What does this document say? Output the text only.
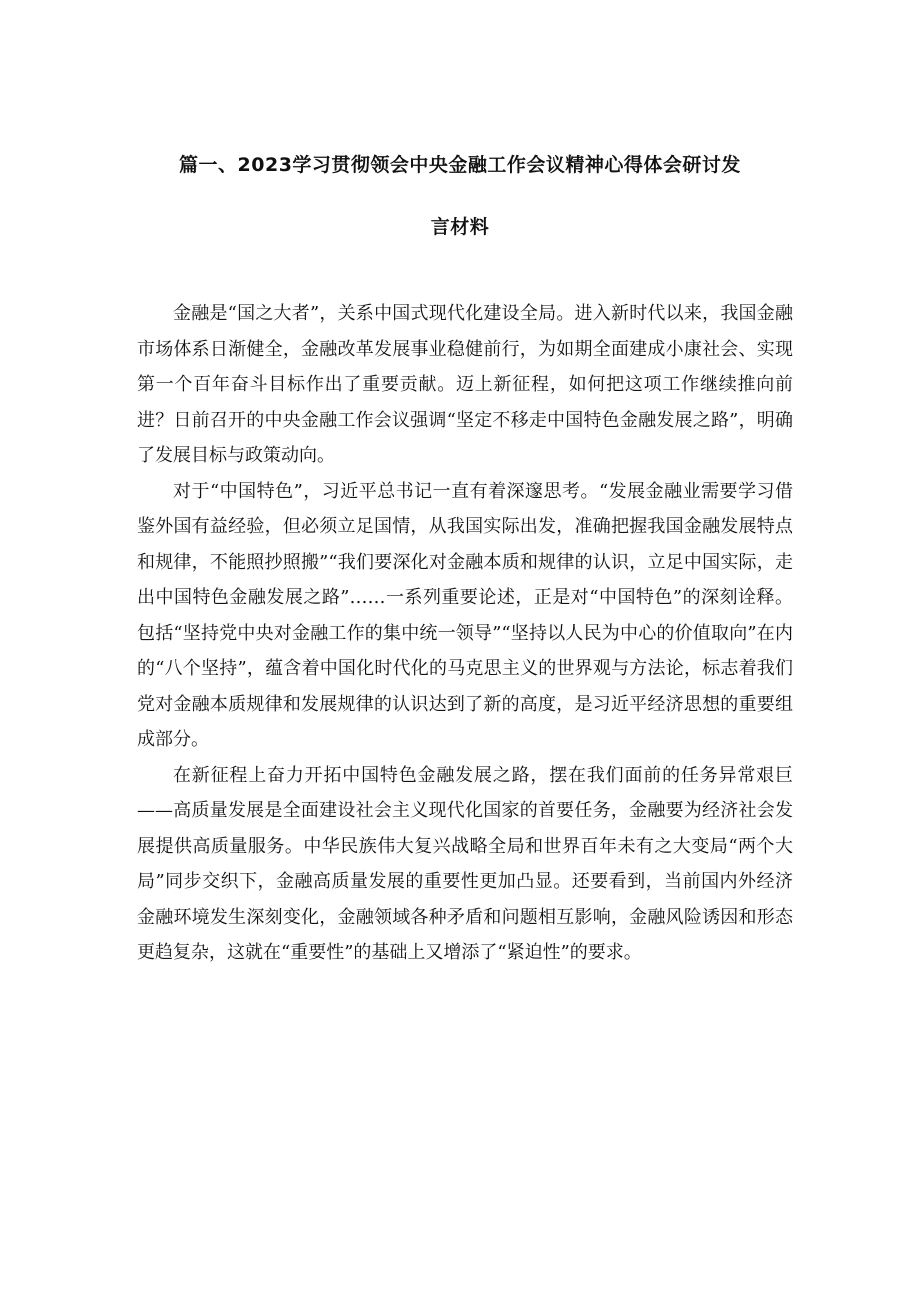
篇一、2023学习贯彻领会中央金融工作会议精神心得体会研讨发
言材料

金融是“国之大者”，关系中国式现代化建设全局。进入新时代以来，我国金融市场体系日渐健全，金融改革发展事业稳健前行，为如期全面建成小康社会、实现第一个百年奋斗目标作出了重要贡献。迈上新征程，如何把这项工作继续推向前进？日前召开的中央金融工作会议强调“坚定不移走中国特色金融发展之路”，明确了发展目标与政策动向。

对于“中国特色”，习近平总书记一直有着深邃思考。“发展金融业需要学习借鉴外国有益经验，但必须立足国情，从我国实际出发，准确把握我国金融发展特点和规律，不能照抄照搬”“我们要深化对金融本质和规律的认识，立足中国实际，走出中国特色金融发展之路”……一系列重要论述，正是对“中国特色”的深刻诠释。包括“坚持党中央对金融工作的集中统一领导”“坚持以人民为中心的价值取向”在内的“八个坚持”，蕴含着中国化时代化的马克思主义的世界观与方法论，标志着我们党对金融本质规律和发展规律的认识达到了新的高度，是习近平经济思想的重要组成部分。

在新征程上奋力开拓中国特色金融发展之路，摆在我们面前的任务异常艰巨——高质量发展是全面建设社会主义现代化国家的首要任务，金融要为经济社会发展提供高质量服务。中华民族伟大复兴战略全局和世界百年未有之大变局“两个大局”同步交织下，金融高质量发展的重要性更加凸显。还要看到，当前国内外经济金融环境发生深刻变化，金融领域各种矛盾和问题相互影响，金融风险诱因和形态更趋复杂，这就在“重要性”的基础上又增添了“紧迫性”的要求。
